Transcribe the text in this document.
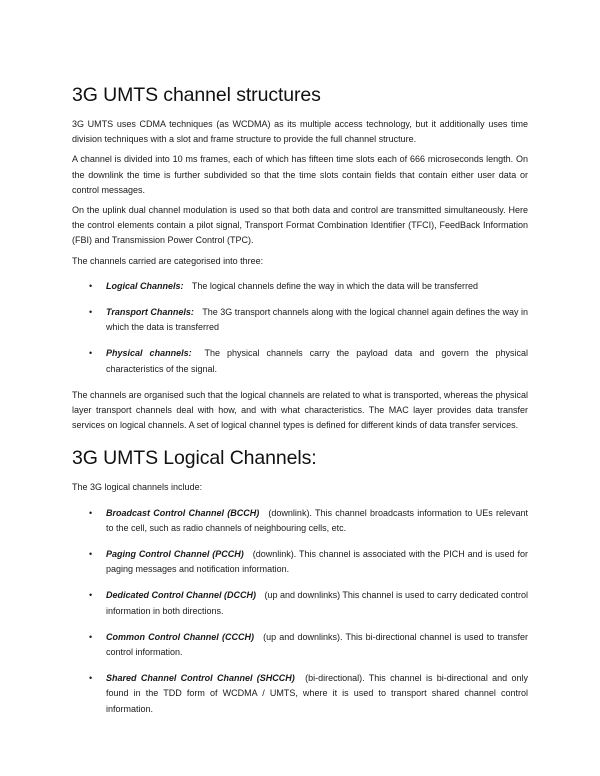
3G UMTS channel structures

3G UMTS uses CDMA techniques (as WCDMA) as its multiple access technology, but it additionally uses time division techniques with a slot and frame structure to provide the full channel structure.

A channel is divided into 10 ms frames, each of which has fifteen time slots each of 666 microseconds length. On the downlink the time is further subdivided so that the time slots contain fields that contain either user data or control messages.

On the uplink dual channel modulation is used so that both data and control are transmitted simultaneously. Here the control elements contain a pilot signal, Transport Format Combination Identifier (TFCI), FeedBack Information (FBI) and Transmission Power Control (TPC).

The channels carried are categorised into three:

• Logical Channels: The logical channels define the way in which the data will be transferred
• Transport Channels: The 3G transport channels along with the logical channel again defines the way in which the data is transferred
• Physical channels: The physical channels carry the payload data and govern the physical characteristics of the signal.

The channels are organised such that the logical channels are related to what is transported, whereas the physical layer transport channels deal with how, and with what characteristics. The MAC layer provides data transfer services on logical channels. A set of logical channel types is defined for different kinds of data transfer services.

3G UMTS Logical Channels:

The 3G logical channels include:

• Broadcast Control Channel (BCCH) (downlink). This channel broadcasts information to UEs relevant to the cell, such as radio channels of neighbouring cells, etc.
• Paging Control Channel (PCCH) (downlink). This channel is associated with the PICH and is used for paging messages and notification information.
• Dedicated Control Channel (DCCH) (up and downlinks) This channel is used to carry dedicated control information in both directions.
• Common Control Channel (CCCH) (up and downlinks). This bi-directional channel is used to transfer control information.
• Shared Channel Control Channel (SHCCH) (bi-directional). This channel is bi-directional and only found in the TDD form of WCDMA / UMTS, where it is used to transport shared channel control information.
